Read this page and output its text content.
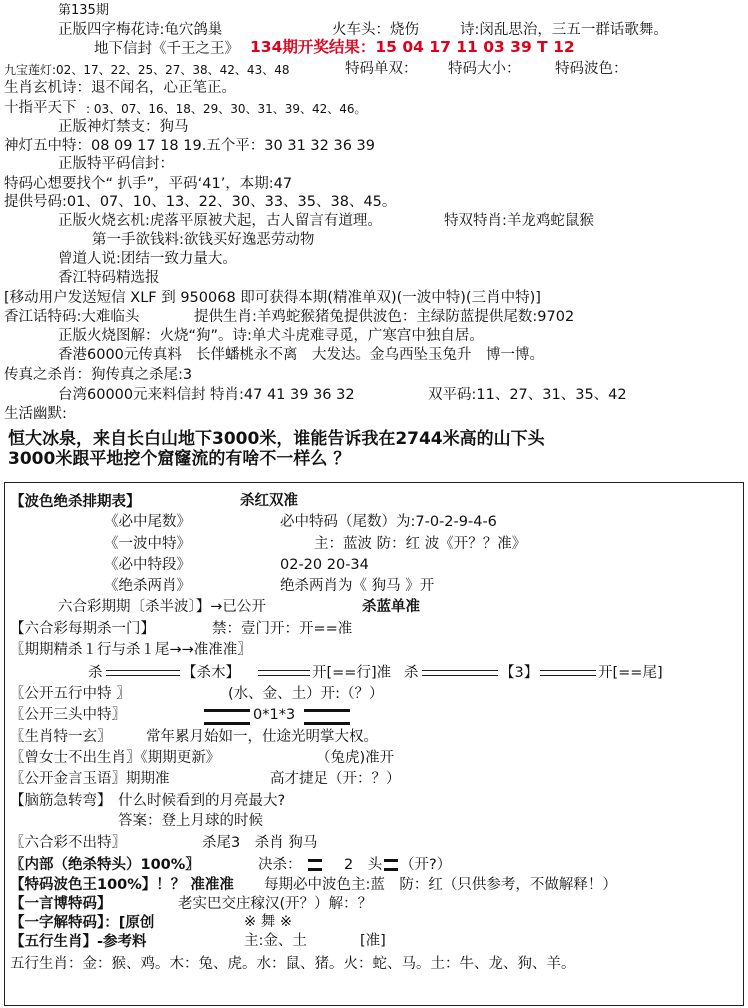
第135期
正版四字梅花诗:龟穴鸽巢	火车头：烧伤	诗:闵乱思治，三五一群话歌舞。
地下信封《千王之王》 134期开奖结果：15 04 17 11 03 39 T 12
九宝莲灯:02、17、22、25、27、38、42、43、48	特码单双： 特码大小： 特码波色：
生肖玄机诗：退不闻名，心正笔正。
十指平天下 : 03、07、16、18、29、30、31、39、42、46。
正版神灯禁支：狗马
神灯五中特：08 09 17 18 19.五个平：30 31 32 36 39
正版特平码信封：
特码心想要找个“ 扒手”，平码‘41’，本期:47
提供号码:01、07、10、13、22、30、33、35、38、45。
正版火烧玄机:虎落平原被犬起，古人留言有道理。	特双特肖:羊龙鸡蛇鼠猴
第一手欲钱料:欲钱买好逸恶劳动物
曾道人说:团结一致力量大。
香江特码精选报
[移动用户发送短信 XLF 到 950068 即可获得本期(精准单双)(一波中特)(三肖中特)]
香江话特码:大难临头	提供生肖:羊鸡蛇猴猪兔提供波色：主绿防蓝提供尾数:9702
正版火烧图解：火烧“狗”。诗:单犬斗虎难寻觅，广寒宫中独自居。
香港6000元传真料 长伴蟠桃永不离　大发达。金乌西坠玉兔升　博一博。
传真之杀肖：狗传真之杀尾:3
台湾60000元来料信封 特肖:47 41 39 36 32	双平码:11、27、31、35、42
生活幽默:
恒大冰泉，来自长白山地下3000米，谁能告诉我在2744米高的山下头
3000米跟平地挖个窟窿流的有啥不一样么 ？
【波色绝杀排期表】	杀红双准
《必中尾数》	必中特码（尾数）为:7-0-2-9-4-6
《一波中特》	主：蓝波 防：红 波《开？？准》
《必中特段》	02-20 20-34
《绝杀两肖》	绝杀两肖为《 狗马 》开
六合彩期期〔杀半波〕】→已公开	杀蓝单准
【六合彩每期杀一门】	禁：壹门开：开==准
〖期期精杀１行与杀１尾→→准准准〗
杀	【杀木】	开[==行]准 杀	【3】	开[==尾]
〖公开五行中特 〗	(水、金、土）开:（？）
〖公开三头中特〗	0*1*3
〖生肖特一玄〗 常年累月始如一，仕途光明掌大权。
〖曾女士不出生肖〗《期期更新》	（兔虎)准开
〖公开金言玉语〗期期准	高才捷足（开：？）
【脑筋急转弯】 什么时候看到的月亮最大?
答案：登上月球的时候
〖六合彩不出特〗	杀尾3　杀肖 狗马
〖内部（绝杀特头）100%〗	决杀：	2　头 （开?）
【特码波色王100%】！？ 准准准 每期必中波色主:蓝　防：红（只供参考，不做解释！）
【一言博特码】	老实巴交庄稼汉(开？）解：？
【一字解特码】：[原创	※ 舞 ※
【五行生肖】-参考料	主:金、土	[准]
五行生肖：金：猴、鸡。木：兔、虎。水：鼠、猪。火：蛇、马。土：牛、龙、狗、羊。
